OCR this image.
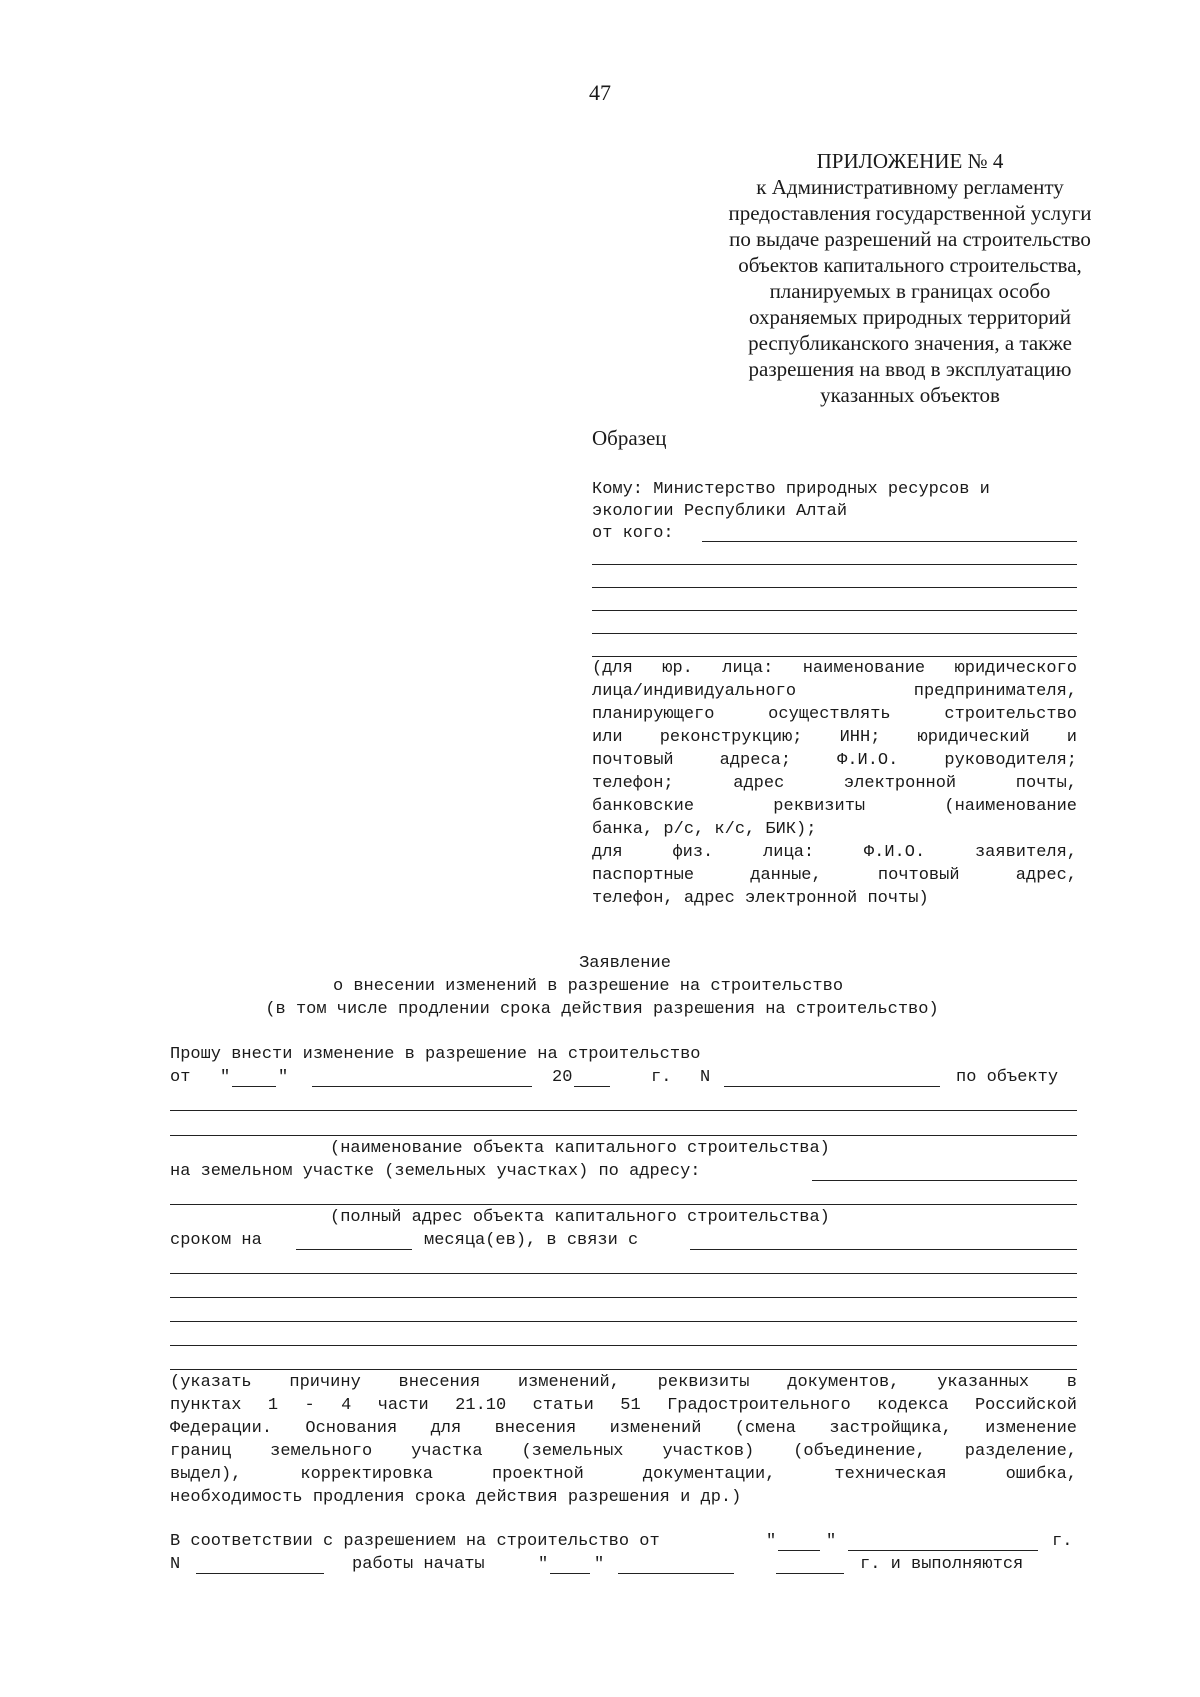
47
ПРИЛОЖЕНИЕ № 4
к Административному регламенту
предоставления государственной услуги
по выдаче разрешений на строительство
объектов капитального строительства,
планируемых в границах особо
охраняемых природных территорий
республиканского значения, а также
разрешения на ввод в эксплуатацию
указанных объектов
Образец
Кому: Министерство природных ресурсов и
экологии Республики Алтай
от кого:
(для юр. лица: наименование юридического
лица/индивидуального предпринимателя,
планирующего осуществлять строительство
или реконструкцию; ИНН; юридический и
почтовый адреса; Ф.И.О. руководителя;
телефон; адрес электронной почты,
банковские реквизиты (наименование
банка, р/с, к/с, БИК);
для физ. лица: Ф.И.О. заявителя,
паспортные данные, почтовый адрес,
телефон, адрес электронной почты)
Заявление
о внесении изменений в разрешение на строительство
(в том числе продлении срока действия разрешения на строительство)
Прошу внести изменение в разрешение на строительство
от "	"	20	г. N	по объекту
(наименование объекта капитального строительства)
на земельном участке (земельных участках) по адресу:
(полный адрес объекта капитального строительства)
сроком на	месяца(ев), в связи с
(указать причину внесения изменений, реквизиты документов, указанных в
пунктах 1 - 4 части 21.10 статьи 51 Градостроительного кодекса Российской
Федерации. Основания для внесения изменений (смена застройщика, изменение
границ земельного участка (земельных участков) (объединение, разделение,
выдел), корректировка проектной документации, техническая ошибка,
необходимость продления срока действия разрешения и др.)
В соответствии с разрешением на строительство от	"	"	г.
N	работы начаты	"	"	г. и выполняются
